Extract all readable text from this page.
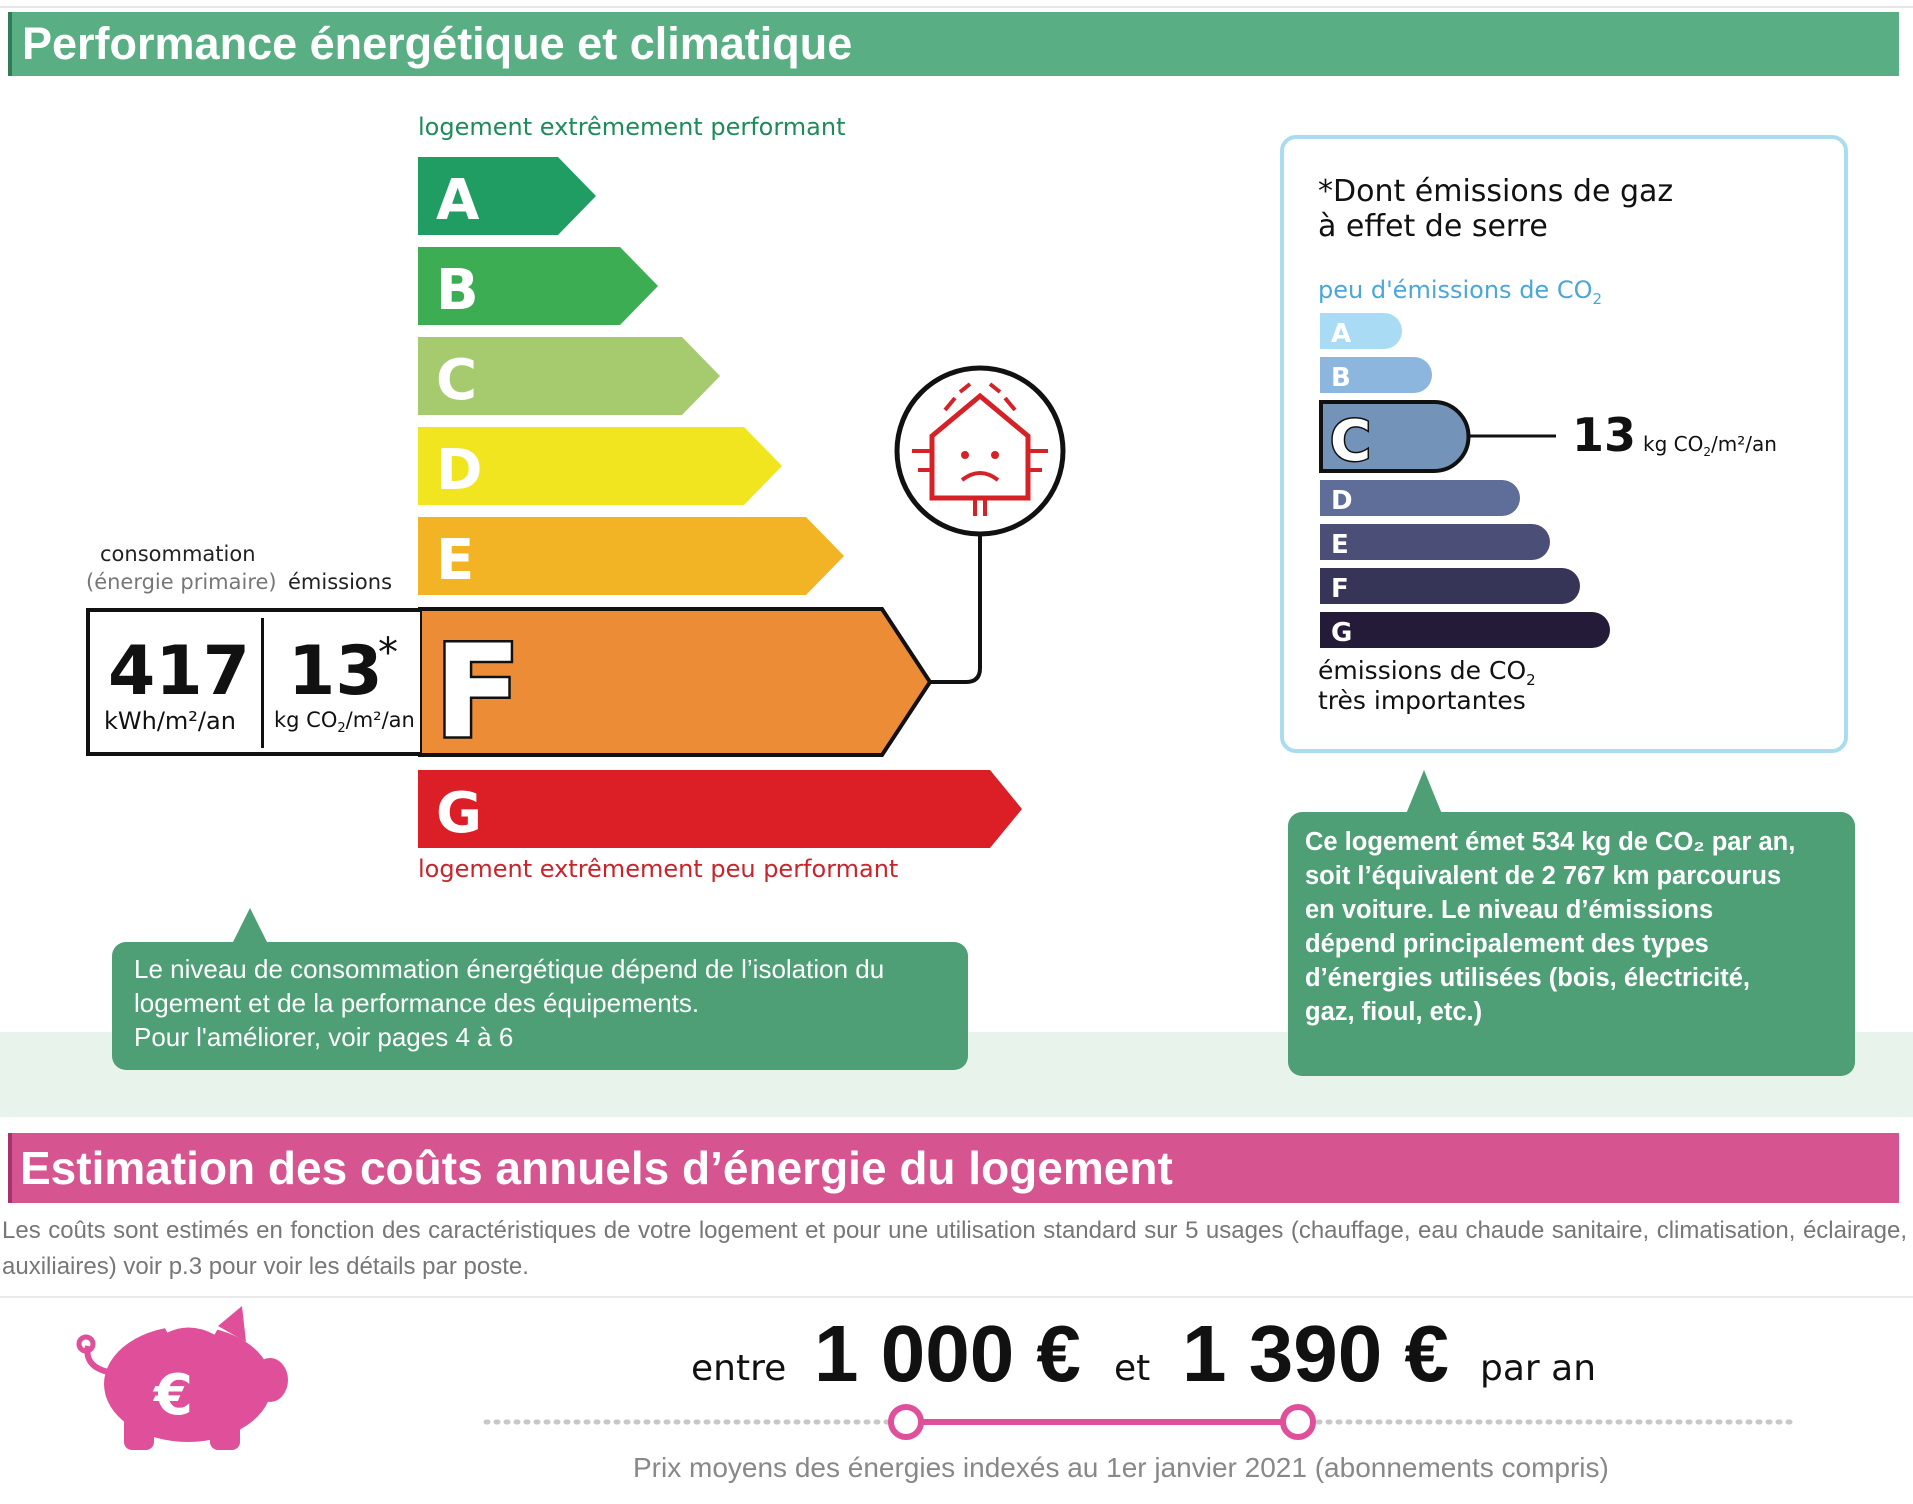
Performance énergétique et climatique
logement extrêmement performant
logement extrêmement peu performant
A
B
C
D
E
F
G
consommation
(énergie primaire) émissions
417
kWh/m²/an
13
*
kg $CO_2/m^2/an$

Le niveau de consommation énergétique dépend de l’isolation du

logement et de la performance des équipements.

Pour l'améliorer, voir pages 4 à 6

*Dont émissions de gaz
à effet de serre
peu d'émissions de $CO_2$
A
B
C
D
E
F
G
13 kg $CO_2/m^2/an$
émissions de $CO_2$
très importantes

Ce logement émet 534 kg de CO₂ par an,

soit l’équivalent de 2 767 km parcourus

en voiture. Le niveau d’émissions

dépend principalement des types

d’énergies utilisées (bois, électricité,

gaz, fioul, etc.)

Estimation des coûts annuels d’énergie du logement
Les coûts sont estimés en fonction des caractéristiques de votre logement et pour une utilisation standard sur 5 usages (chauffage, eau chaude sanitaire, climatisation, éclairage, auxiliaires) voir p.3 pour voir les détails par poste.
€	entre 1 000 € et 1 390 € par an
Prix moyens des énergies indexés au 1er janvier 2021 (abonnements compris)
